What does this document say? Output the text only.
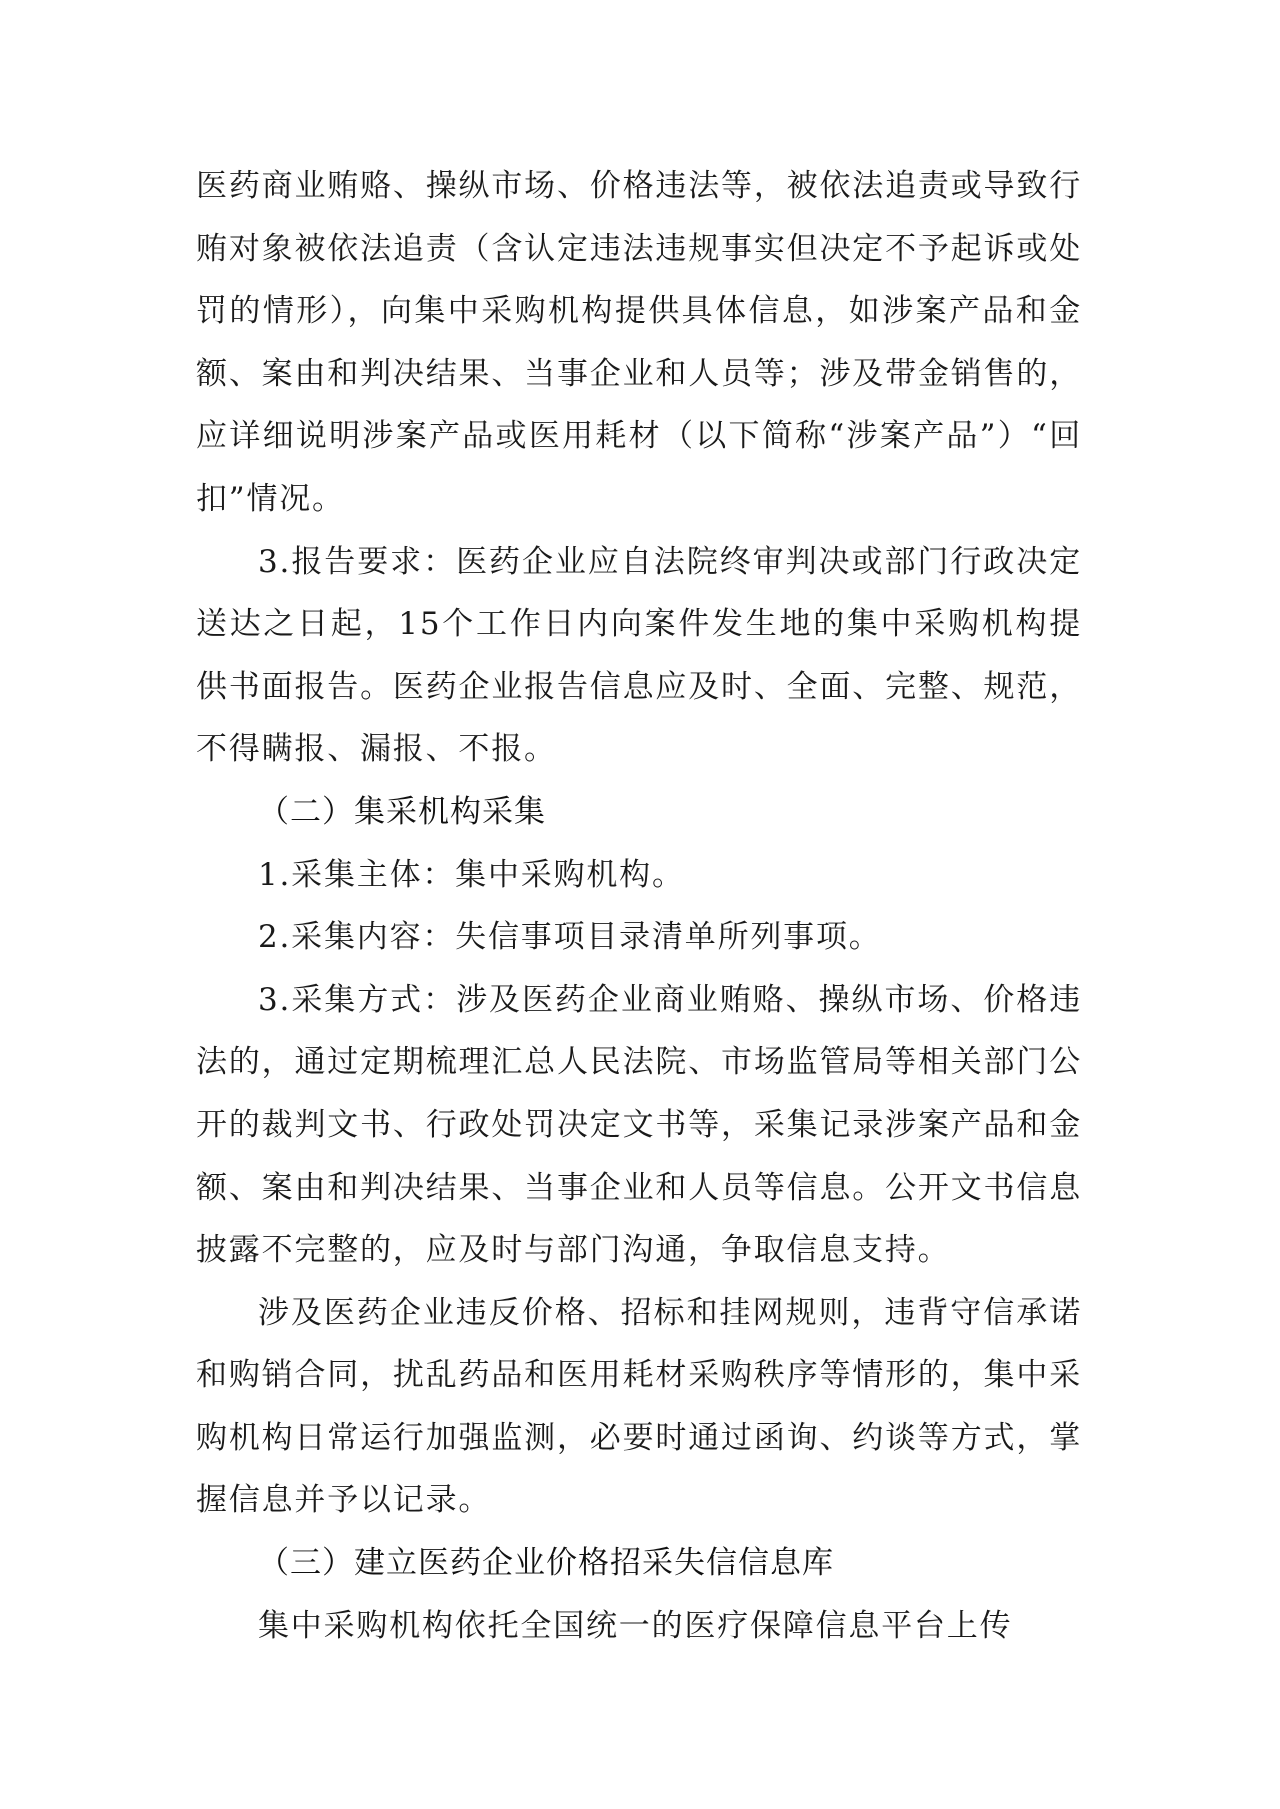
医药商业贿赂、操纵市场、价格违法等，被依法追责或导致行贿对象被依法追责（含认定违法违规事实但决定不予起诉或处罚的情形），向集中采购机构提供具体信息，如涉案产品和金额、案由和判决结果、当事企业和人员等；涉及带金销售的，应详细说明涉案产品或医用耗材（以下简称“涉案产品”）“回扣”情况。

3.报告要求：医药企业应自法院终审判决或部门行政决定送达之日起，15个工作日内向案件发生地的集中采购机构提供书面报告。医药企业报告信息应及时、全面、完整、规范，不得瞒报、漏报、不报。

（二）集采机构采集

1.采集主体：集中采购机构。

2.采集内容：失信事项目录清单所列事项。

3.采集方式：涉及医药企业商业贿赂、操纵市场、价格违法的，通过定期梳理汇总人民法院、市场监管局等相关部门公开的裁判文书、行政处罚决定文书等，采集记录涉案产品和金额、案由和判决结果、当事企业和人员等信息。公开文书信息披露不完整的，应及时与部门沟通，争取信息支持。

涉及医药企业违反价格、招标和挂网规则，违背守信承诺和购销合同，扰乱药品和医用耗材采购秩序等情形的，集中采购机构日常运行加强监测，必要时通过函询、约谈等方式，掌握信息并予以记录。

（三）建立医药企业价格招采失信信息库

集中采购机构依托全国统一的医疗保障信息平台上传
